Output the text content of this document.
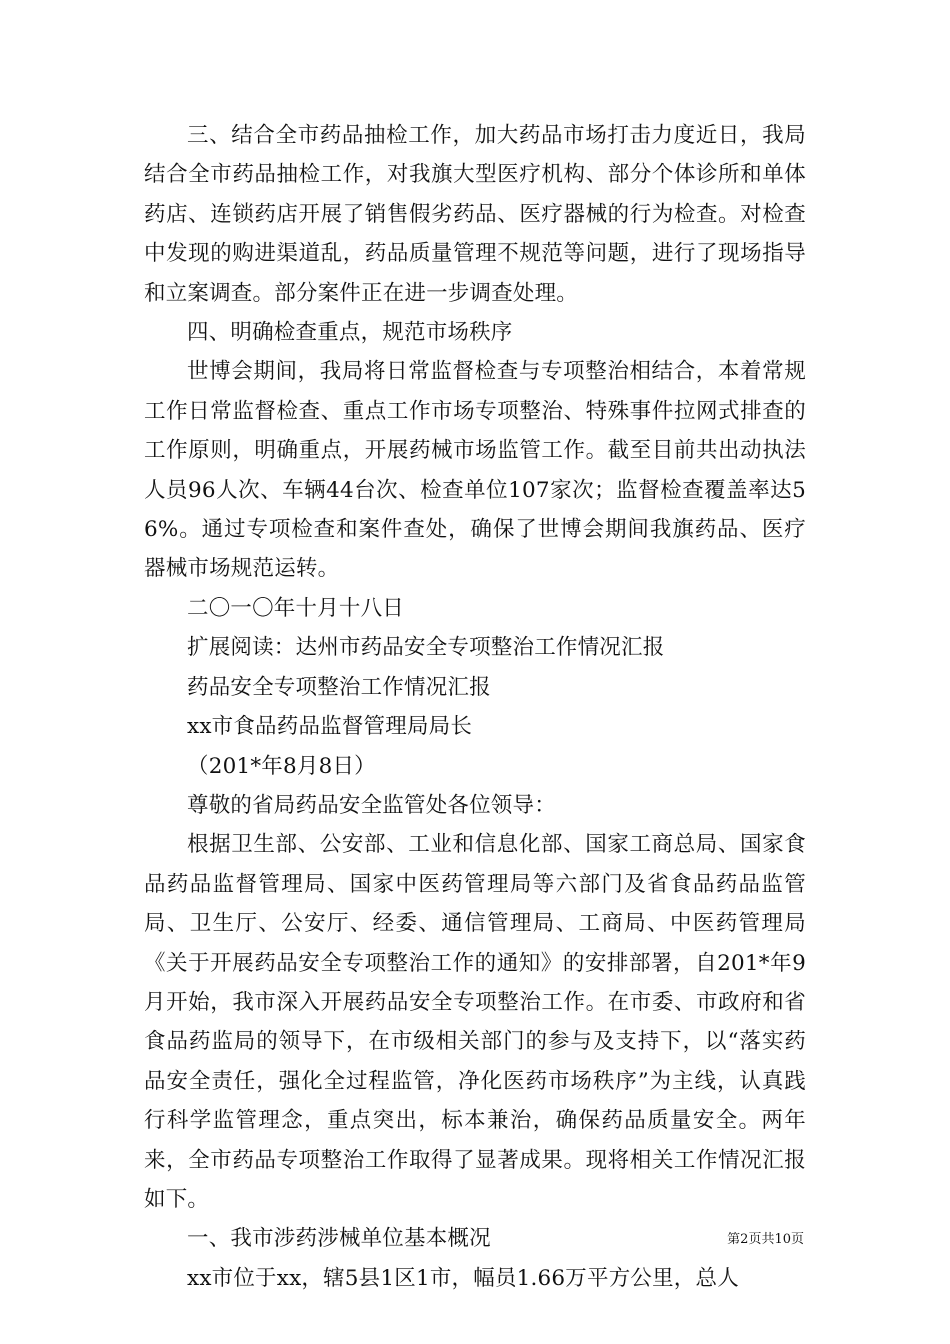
三、结合全市药品抽检工作，加大药品市场打击力度近日，我局结合全市药品抽检工作，对我旗大型医疗机构、部分个体诊所和单体药店、连锁药店开展了销售假劣药品、医疗器械的行为检查。对检查中发现的购进渠道乱，药品质量管理不规范等问题，进行了现场指导和立案调查。部分案件正在进一步调查处理。

四、明确检查重点，规范市场秩序

世博会期间，我局将日常监督检查与专项整治相结合，本着常规工作日常监督检查、重点工作市场专项整治、特殊事件拉网式排查的工作原则，明确重点，开展药械市场监管工作。截至目前共出动执法人员96人次、车辆44台次、检查单位107家次；监督检查覆盖率达56%。通过专项检查和案件查处，确保了世博会期间我旗药品、医疗器械市场规范运转。

二〇一〇年十月十八日

扩展阅读：达州市药品安全专项整治工作情况汇报

药品安全专项整治工作情况汇报

xx市食品药品监督管理局局长

（201*年8月8日）

尊敬的省局药品安全监管处各位领导：

根据卫生部、公安部、工业和信息化部、国家工商总局、国家食品药品监督管理局、国家中医药管理局等六部门及省食品药品监管局、卫生厅、公安厅、经委、通信管理局、工商局、中医药管理局《关于开展药品安全专项整治工作的通知》的安排部署，自201*年9月开始，我市深入开展药品安全专项整治工作。在市委、市政府和省食品药监局的领导下，在市级相关部门的参与及支持下，以“落实药品安全责任，强化全过程监管，净化医药市场秩序”为主线，认真践行科学监管理念，重点突出，标本兼治，确保药品质量安全。两年来，全市药品专项整治工作取得了显著成果。现将相关工作情况汇报如下。

一、我市涉药涉械单位基本概况

xx市位于xx，辖5县1区1市，幅员1.66万平方公里，总人

第2页共10页
